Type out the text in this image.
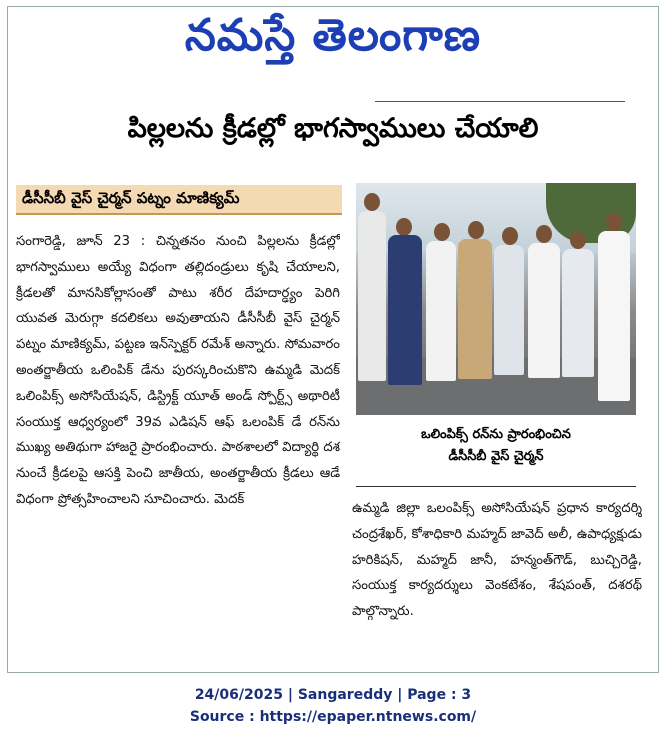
నమస్తే తెలంగాణ
పిల్లలను క్రీడల్లో భాగస్వాములు చేయాలి
డీసీసీబీ వైస్ చైర్మన్ పట్నం మాణిక్యమ్
సంగారెడ్డి, జూన్ 23 : చిన్నతనం నుంచి పిల్లలను క్రీడల్లో భాగస్వాములు అయ్యే విధంగా తల్లిదండ్రులు కృషి చేయాలని, క్రీడలతో మానసికోల్లాసంతో పాటు శరీర దేహదార్ఢ్యం పెరిగి యువత మెరుగ్గా కదలికలు అవుతాయని డీసీసీబీ వైస్ చైర్మన్ పట్నం మాణిక్యమ్, పట్టణ ఇన్‌స్పెక్టర్ రమేశ్ అన్నారు. సోమవారం అంతర్జాతీయ ఒలింపిక్ డేను పురస్కరించుకొని ఉమ్మడి మెదక్ ఒలింపిక్స్ అసోసియేషన్, డిస్ట్రిక్ట్ యూత్ అండ్ స్పోర్ట్స్ అథారిటీ సంయుక్త ఆధ్వర్యంలో 39వ ఎడిషన్ ఆఫ్ ఒలంపిక్ డే రన్‌ను ముఖ్య అతిథుగా హాజరై ప్రారంభించారు. పాఠశాలలో విద్యార్థి దశ నుంచే క్రీడలపై ఆసక్తి పెంచి జాతీయ, అంతర్జాతీయ క్రీడలు ఆడే విధంగా ప్రోత్సహించాలని సూచించారు. మెదక్
ఒలింపిక్స్ రన్‌ను ప్రారంభించిన
డీసీసీబీ వైస్ చైర్మన్
ఉమ్మడి జిల్లా ఒలంపిక్స్ అసోసియేషన్ ప్రధాన కార్యదర్శి చంద్రశేఖర్, కోశాధికారి మహ్మద్ జావెద్ అలీ, ఉపాధ్యక్షుడు హరికిషన్, మహ్మద్ జానీ, హన్మంత్‌గౌడ్, బుచ్చిరెడ్డి, సంయుక్త కార్యదర్శులు వెంకటేశం, శేషపంత్, దశరథ్ పాల్గొన్నారు.
24/06/2025 | Sangareddy | Page : 3
Source : https://epaper.ntnews.com/
